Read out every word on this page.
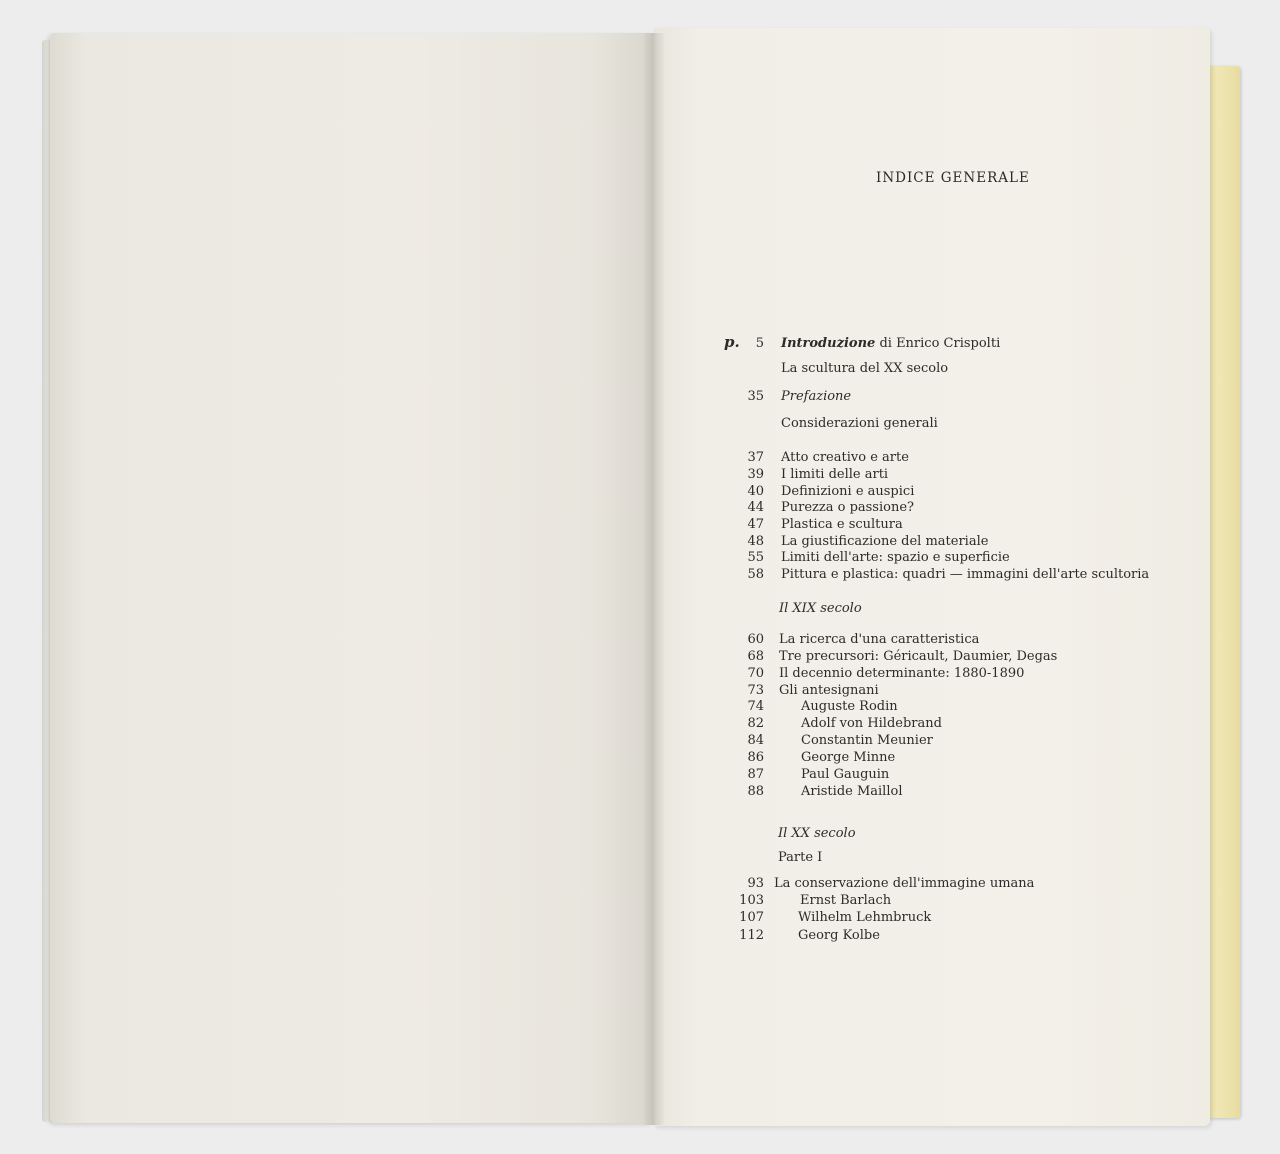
INDICE GENERALE
p.	5 Introduzione di Enrico Crispolti
La scultura del XX secolo
35 Prefazione
Considerazioni generali
37 Atto creativo e arte
39 I limiti delle arti
40 Definizioni e auspici
44 Purezza o passione?
47 Plastica e scultura
48 La giustificazione del materiale
55 Limiti dell'arte: spazio e superficie
58 Pittura e plastica: quadri — immagini dell'arte scultoria
Il XIX secolo
60 La ricerca d'una caratteristica
68 Tre precursori: Géricault, Daumier, Degas
70 Il decennio determinante: 1880-1890
73 Gli antesignani
74	Auguste Rodin
82	Adolf von Hildebrand
84	Constantin Meunier
86	George Minne
87	Paul Gauguin
88	Aristide Maillol
Il XX secolo
Parte I
93 La conservazione dell'immagine umana
103	Ernst Barlach
107	Wilhelm Lehmbruck
112	Georg Kolbe
